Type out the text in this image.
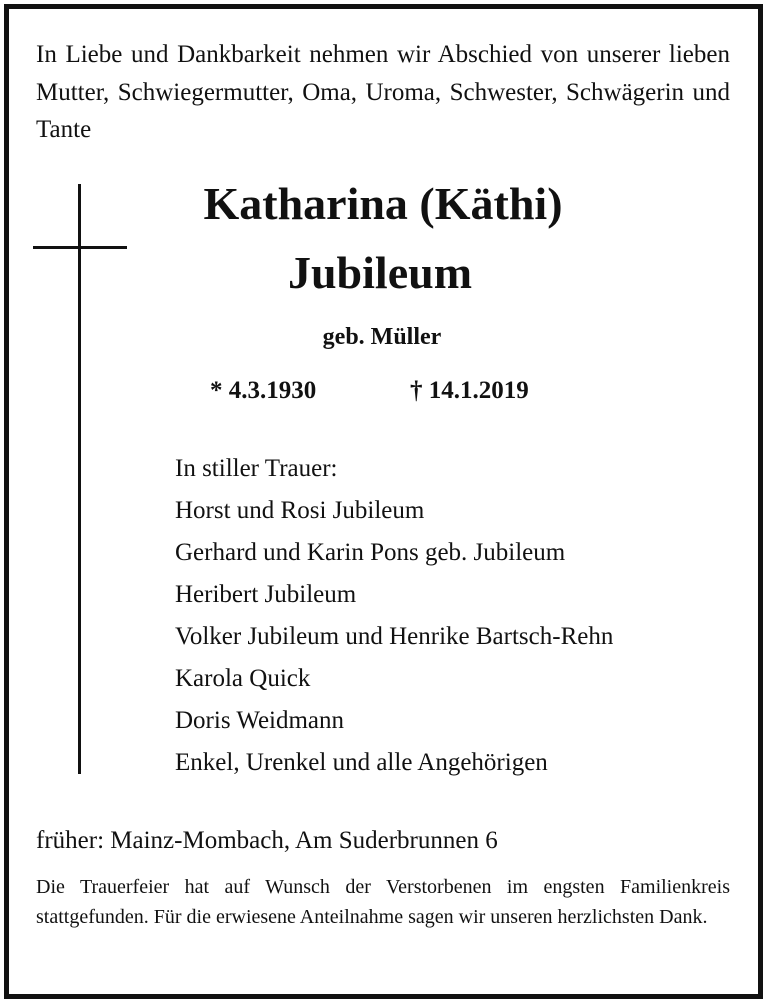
In Liebe und Dankbarkeit nehmen wir Abschied von unserer lieben Mutter, Schwiegermutter, Oma, Uroma, Schwester, Schwägerin und Tante

Katharina (Käthi)
Jubileum
geb. Müller
* 4.3.1930	† 14.1.2019
In stiller Trauer:
Horst und Rosi Jubileum
Gerhard und Karin Pons geb. Jubileum
Heribert Jubileum
Volker Jubileum und Henrike Bartsch-Rehn
Karola Quick
Doris Weidmann
Enkel, Urenkel und alle Angehörigen
früher: Mainz-Mombach, Am Suderbrunnen 6

Die Trauerfeier hat auf Wunsch der Verstorbenen im engsten Familienkreis stattgefunden. Für die erwiesene Anteilnahme sagen wir unseren herzlichsten Dank.
